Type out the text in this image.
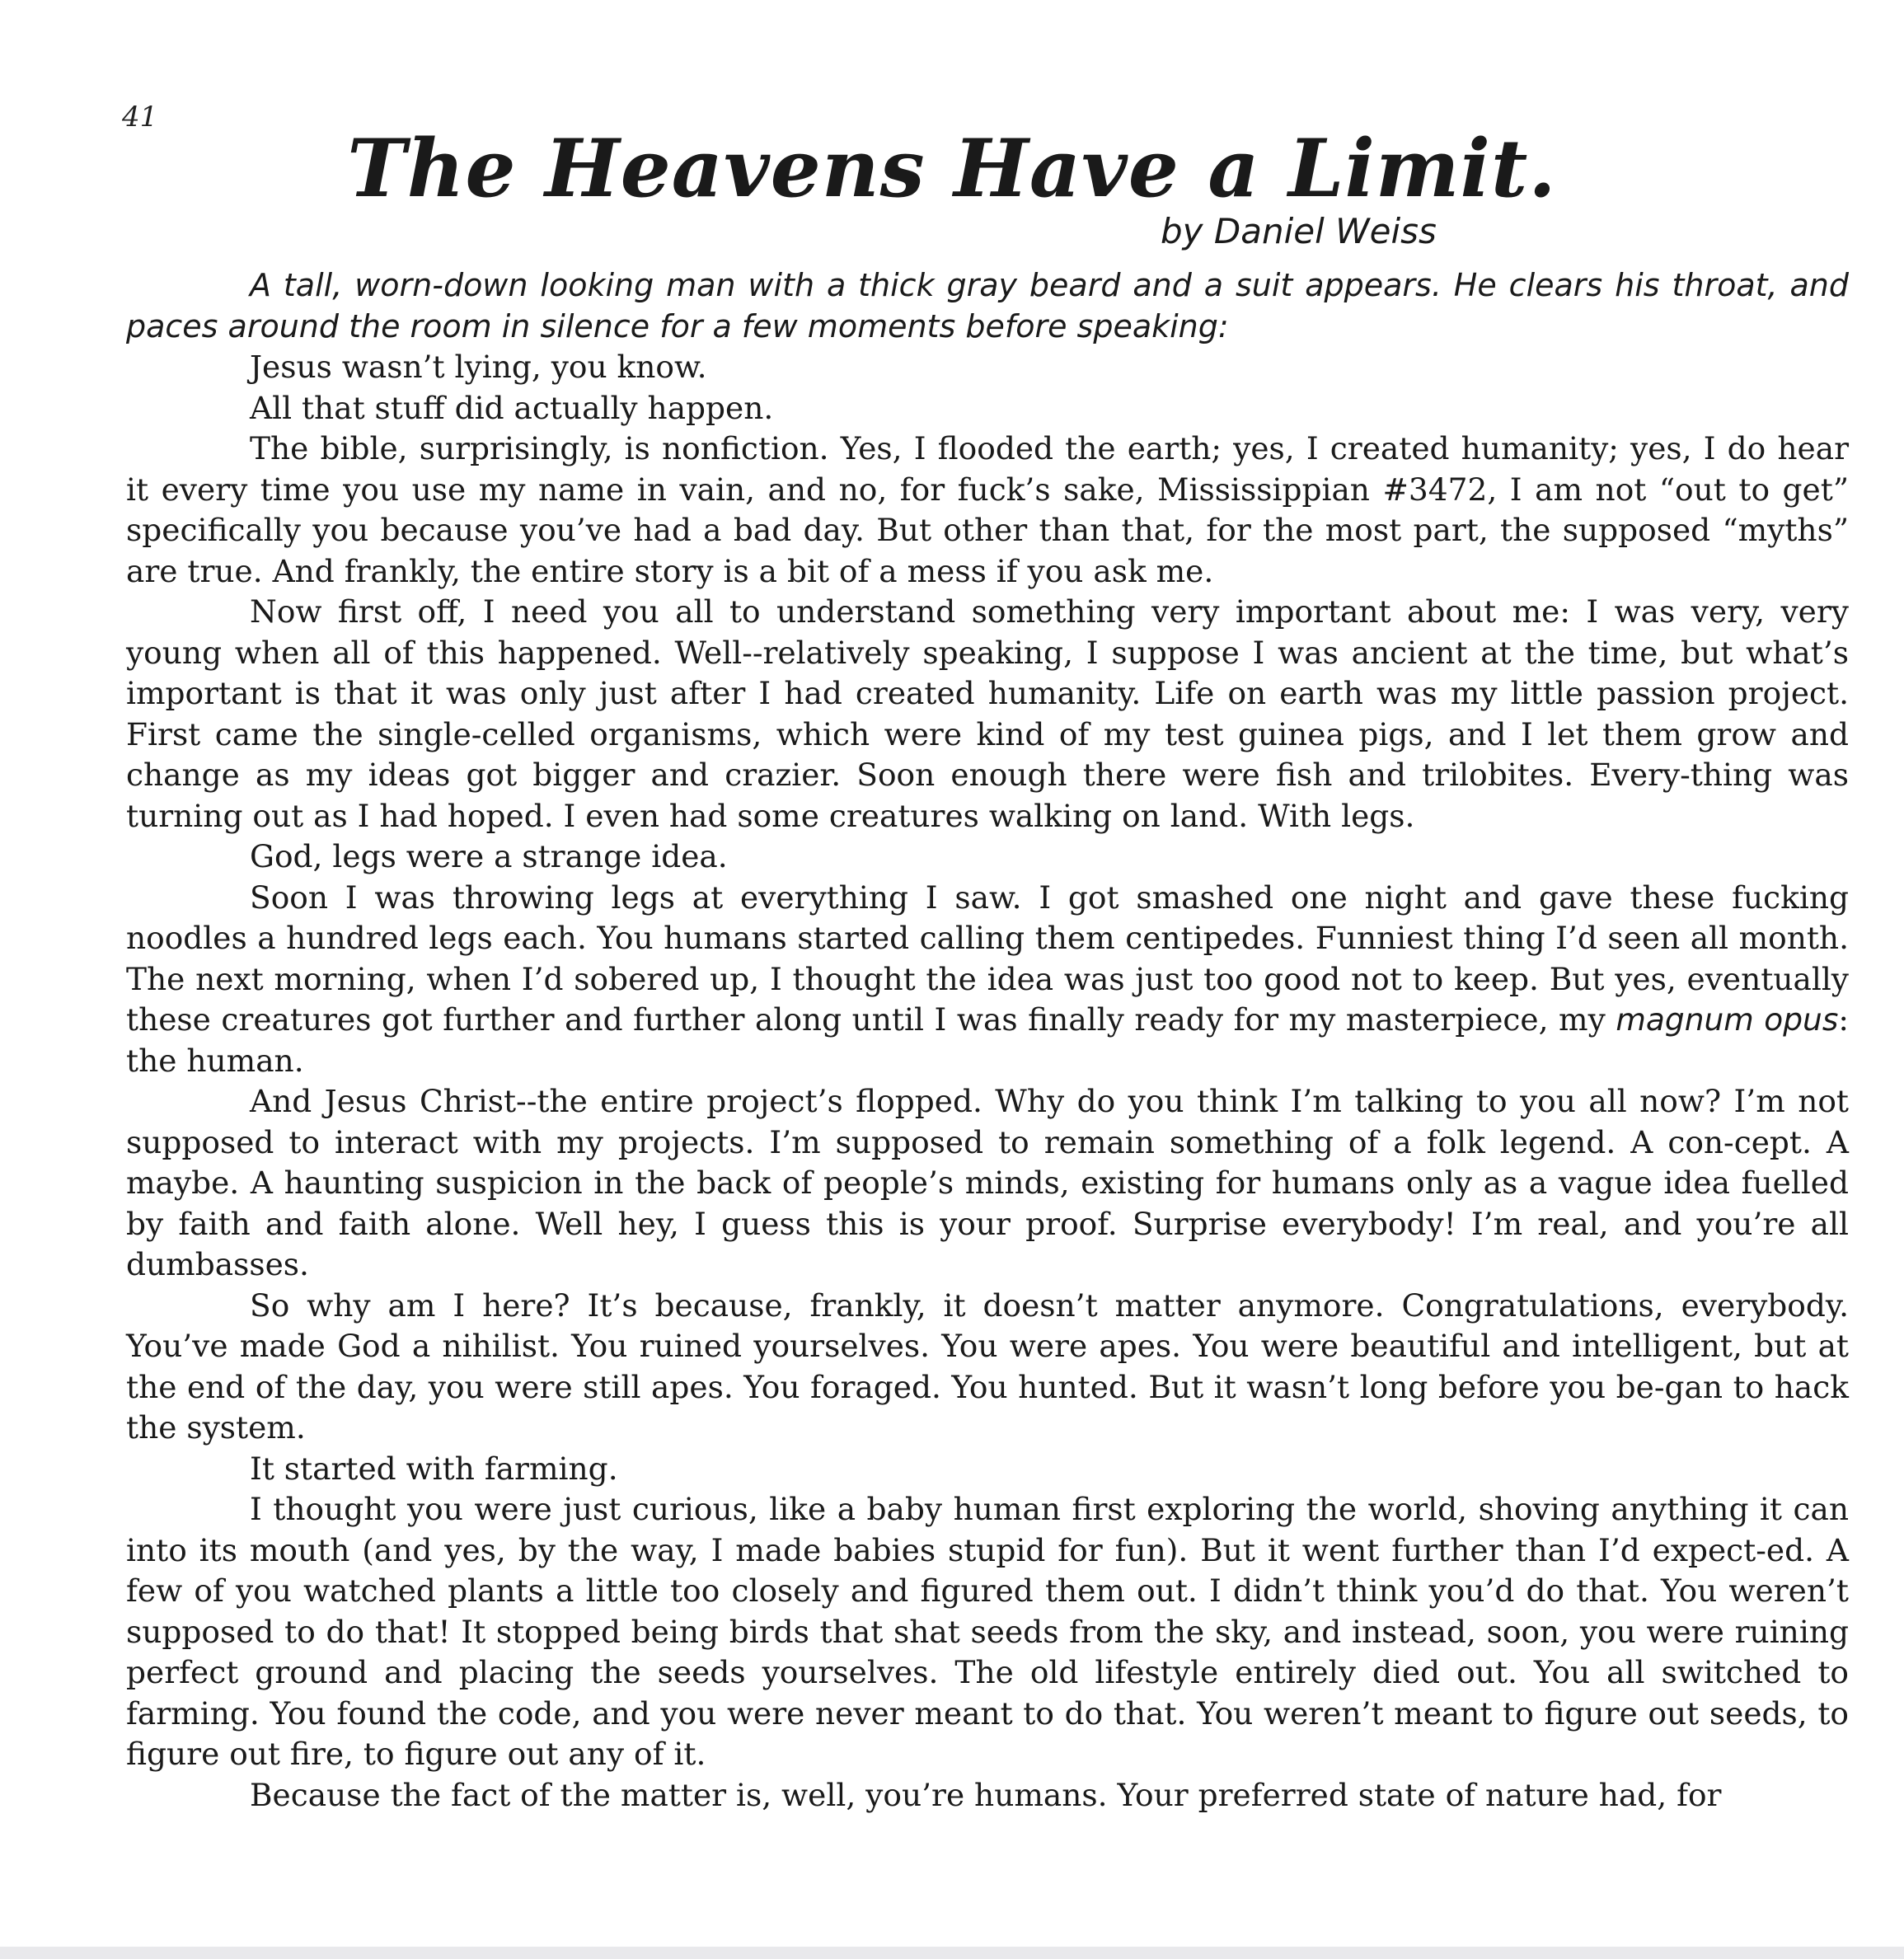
41
The Heavens Have a Limit.
by Daniel Weiss

A tall, worn-down looking man with a thick gray beard and a suit appears. He clears his throat, and paces around the room in silence for a few moments before speaking:

Jesus wasn’t lying, you know.

All that stuff did actually happen.

The bible, surprisingly, is nonfiction. Yes, I flooded the earth; yes, I created humanity; yes, I do hear it every time you use my name in vain, and no, for fuck’s sake, Mississippian #3472, I am not “out to get” specifically you because you’ve had a bad day. But other than that, for the most part, the supposed “myths” are true. And frankly, the entire story is a bit of a mess if you ask me.

Now first off, I need you all to understand something very important about me: I was very, very young when all of this happened. Well--relatively speaking, I suppose I was ancient at the time, but what’s important is that it was only just after I had created humanity. Life on earth was my little passion project. First came the single-celled organisms, which were kind of my test guinea pigs, and I let them grow and change as my ideas got bigger and crazier. Soon enough there were fish and trilobites. Every-thing was turning out as I had hoped. I even had some creatures walking on land. With legs.

God, legs were a strange idea.

Soon I was throwing legs at everything I saw. I got smashed one night and gave these fucking noodles a hundred legs each. You humans started calling them centipedes. Funniest thing I’d seen all month. The next morning, when I’d sobered up, I thought the idea was just too good not to keep. But yes, eventually these creatures got further and further along until I was finally ready for my masterpiece, my magnum opus: the human.

And Jesus Christ--the entire project’s flopped. Why do you think I’m talking to you all now? I’m not supposed to interact with my projects. I’m supposed to remain something of a folk legend. A con-cept. A maybe. A haunting suspicion in the back of people’s minds, existing for humans only as a vague idea fuelled by faith and faith alone. Well hey, I guess this is your proof. Surprise everybody! I’m real, and you’re all dumbasses.

So why am I here? It’s because, frankly, it doesn’t matter anymore. Congratulations, everybody. You’ve made God a nihilist. You ruined yourselves. You were apes. You were beautiful and intelligent, but at the end of the day, you were still apes. You foraged. You hunted. But it wasn’t long before you be-gan to hack the system.

It started with farming.

I thought you were just curious, like a baby human first exploring the world, shoving anything it can into its mouth (and yes, by the way, I made babies stupid for fun). But it went further than I’d expect-ed. A few of you watched plants a little too closely and figured them out. I didn’t think you’d do that. You weren’t supposed to do that! It stopped being birds that shat seeds from the sky, and instead, soon, you were ruining perfect ground and placing the seeds yourselves. The old lifestyle entirely died out. You all switched to farming. You found the code, and you were never meant to do that. You weren’t meant to figure out seeds, to figure out fire, to figure out any of it.

Because the fact of the matter is, well, you’re humans. Your preferred state of nature had, for
